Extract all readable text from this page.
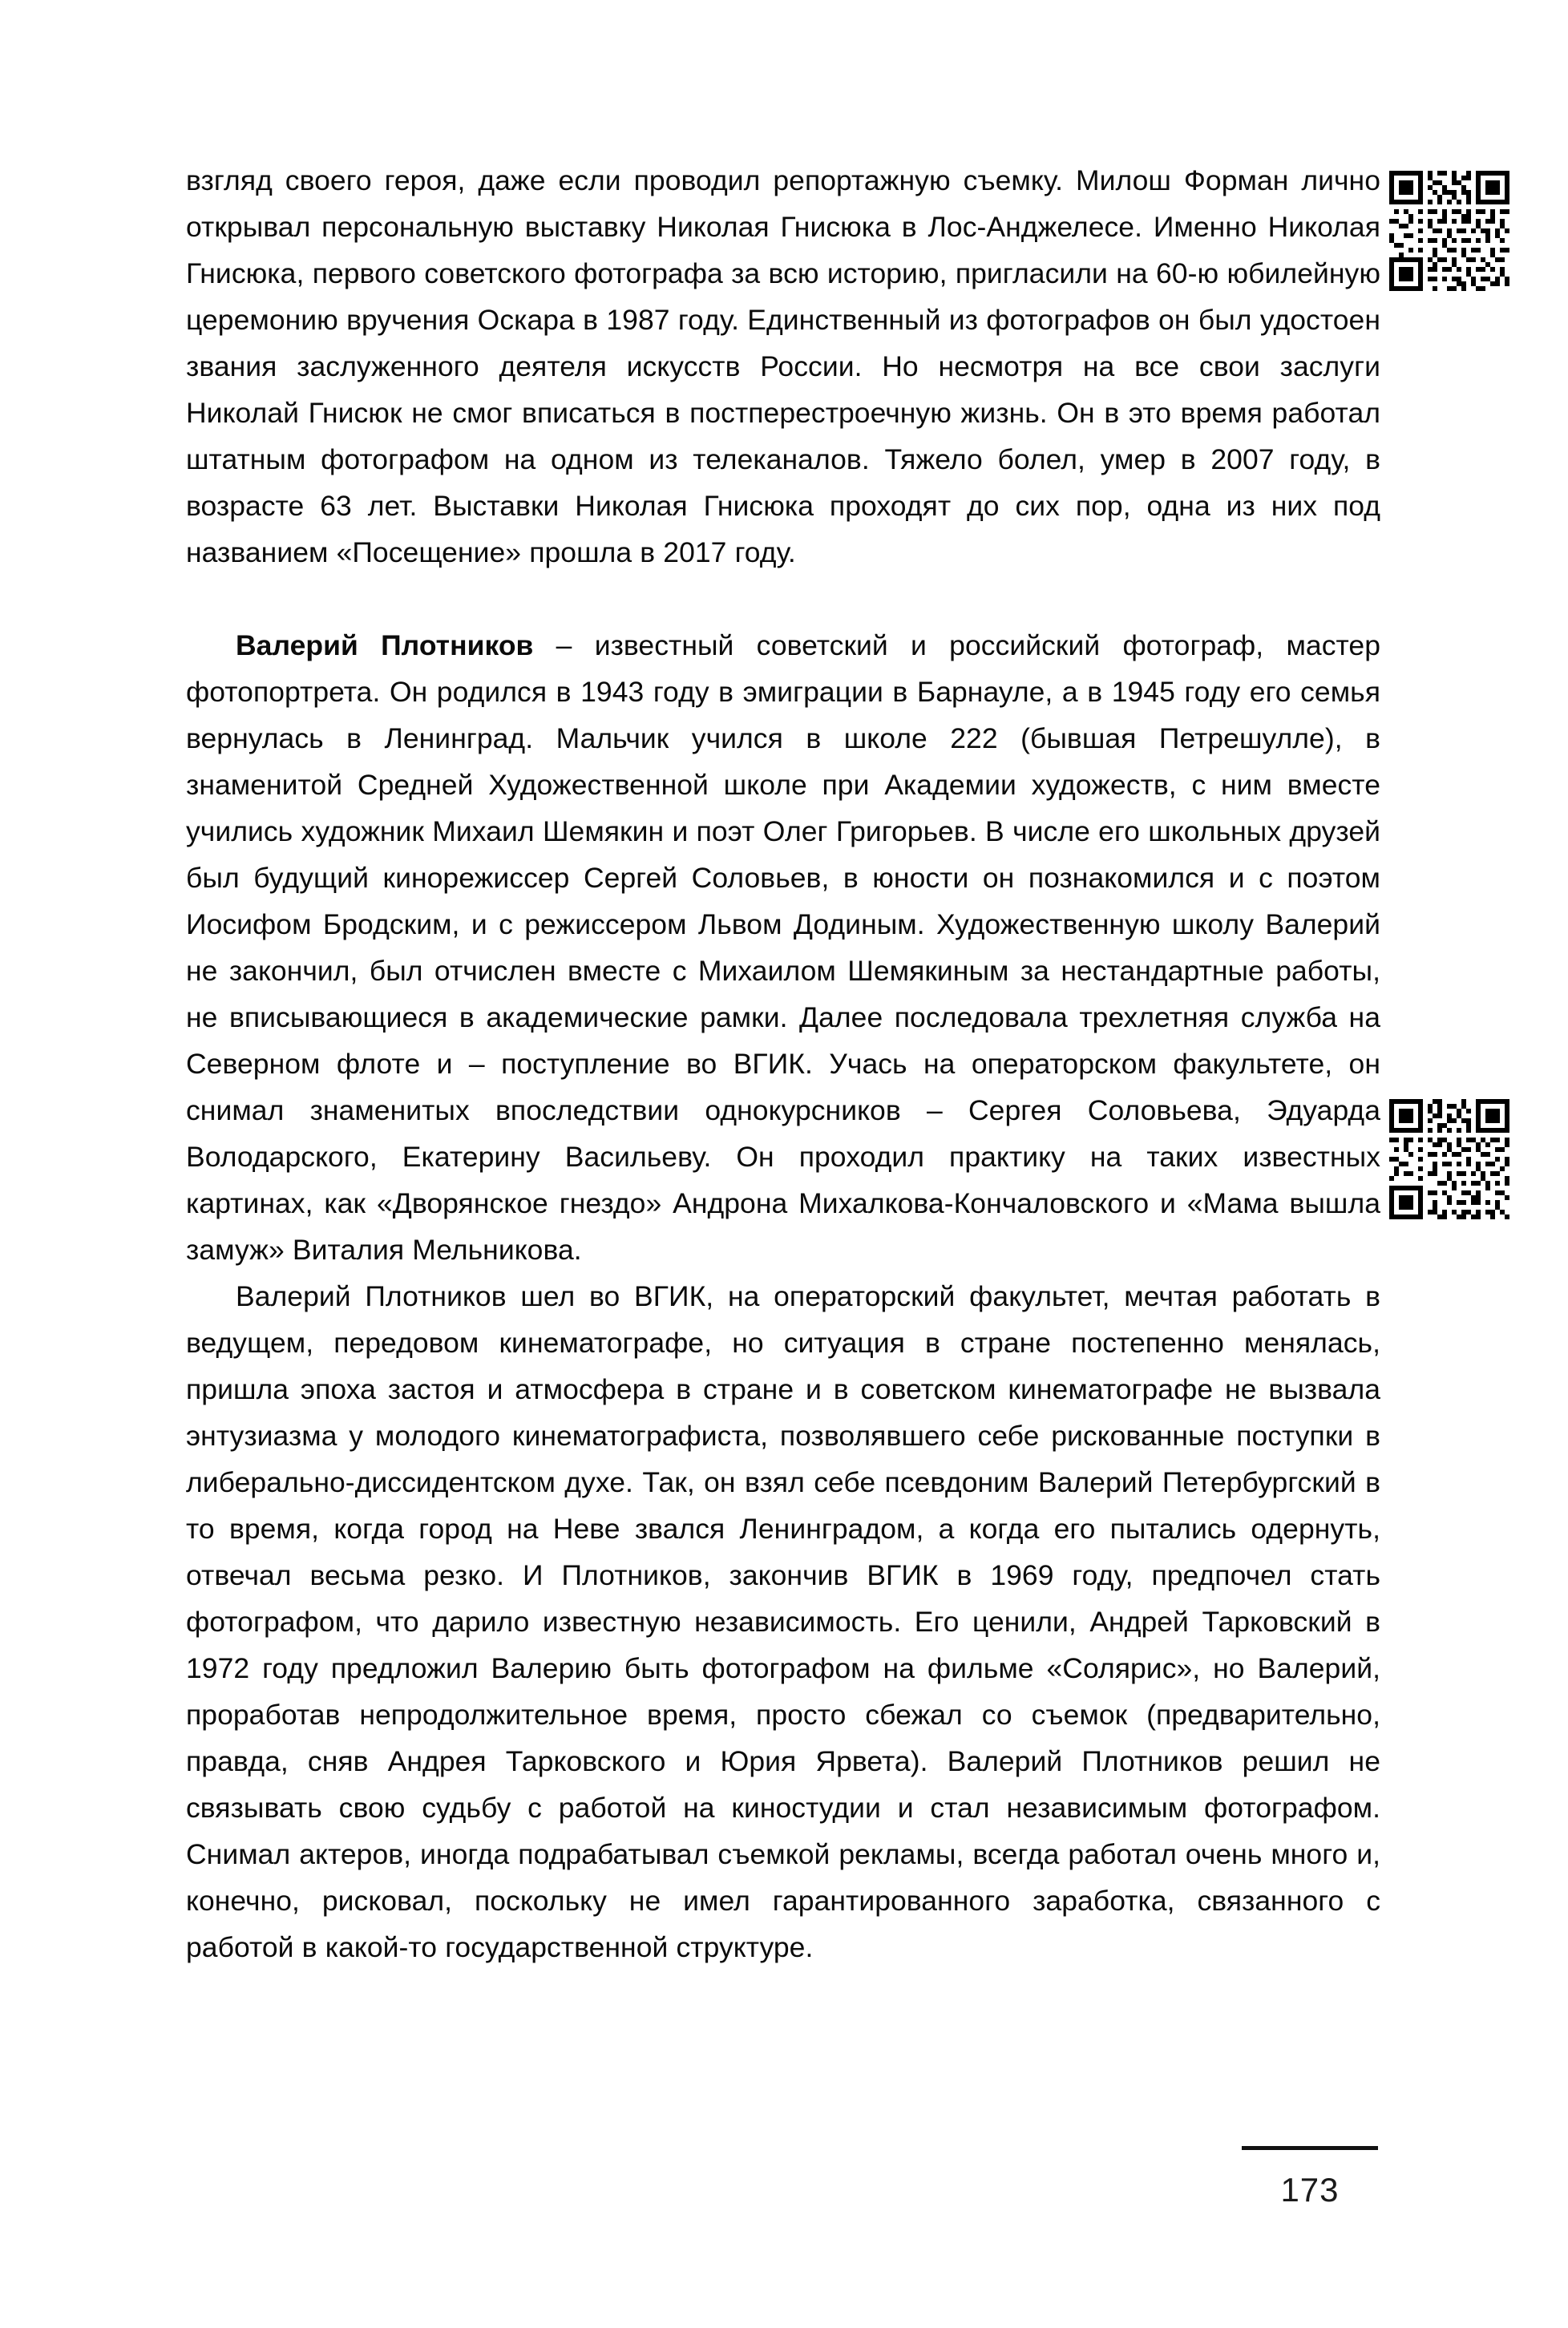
взгляд своего героя, даже если проводил репортажную съемку. Милош Форман лично открывал персональную выставку Николая Гнисюка в Лос-Анджелесе. Именно Николая Гнисюка, первого советского фотографа за всю историю, пригласили на 60-ю юбилейную церемонию вручения Оскара в 1987 году. Единственный из фотографов он был удостоен звания заслуженного деятеля искусств России. Но несмотря на все свои заслуги Николай Гнисюк не смог вписаться в постперестроечную жизнь. Он в это время работал штатным фотографом на одном из телеканалов. Тяжело болел, умер в 2007 году, в возрасте 63 лет. Выставки Николая Гнисюка проходят до сих пор, одна из них под названием «Посещение» прошла в 2017 году.

Валерий Плотников – известный советский и российский фотограф, мастер фотопортрета. Он родился в 1943 году в эмиграции в Барнауле, а в 1945 году его семья вернулась в Ленинград. Мальчик учился в школе 222 (бывшая Петрешулле), в знаменитой Средней Художественной школе при Академии художеств, с ним вместе учились художник Михаил Шемякин и поэт Олег Григорьев. В числе его школьных друзей был будущий кинорежиссер Сергей Соловьев, в юности он познакомился и с поэтом Иосифом Бродским, и с режиссером Львом Додиным. Художественную школу Валерий не закончил, был отчислен вместе с Михаилом Шемякиным за нестандартные работы, не вписывающиеся в академические рамки. Далее последовала трехлетняя служба на Северном флоте и – поступление во ВГИК. Учась на операторском факультете, он снимал знаменитых впоследствии однокурсников – Сергея Соловьева, Эдуарда Володарского, Екатерину Васильеву. Он проходил практику на таких известных картинах, как «Дворянское гнездо» Андрона Михалкова-Кончаловского и «Мама вышла замуж» Виталия Мельникова.

Валерий Плотников шел во ВГИК, на операторский факультет, мечтая работать в ведущем, передовом кинематографе, но ситуация в стране постепенно менялась, пришла эпоха застоя и атмосфера в стране и в советском кинематографе не вызвала энтузиазма у молодого кинематографиста, позволявшего себе рискованные поступки в либерально-диссидентском духе. Так, он взял себе псевдоним Валерий Петербургский в то время, когда город на Неве звался Ленинградом, а когда его пытались одернуть, отвечал весьма резко. И Плотников, закончив ВГИК в 1969 году, предпочел стать фотографом, что дарило известную независимость. Его ценили, Андрей Тарковский в 1972 году предложил Валерию быть фотографом на фильме «Солярис», но Валерий, проработав непродолжительное время, просто сбежал со съемок (предварительно, правда, сняв Андрея Тарковского и Юрия Ярвета). Валерий Плотников решил не связывать свою судьбу с работой на киностудии и стал независимым фотографом. Снимал актеров, иногда подрабатывал съемкой рекламы, всегда работал очень много и, конечно, рисковал, поскольку не имел гарантированного заработка, связанного с работой в какой-то государственной структуре.

173
